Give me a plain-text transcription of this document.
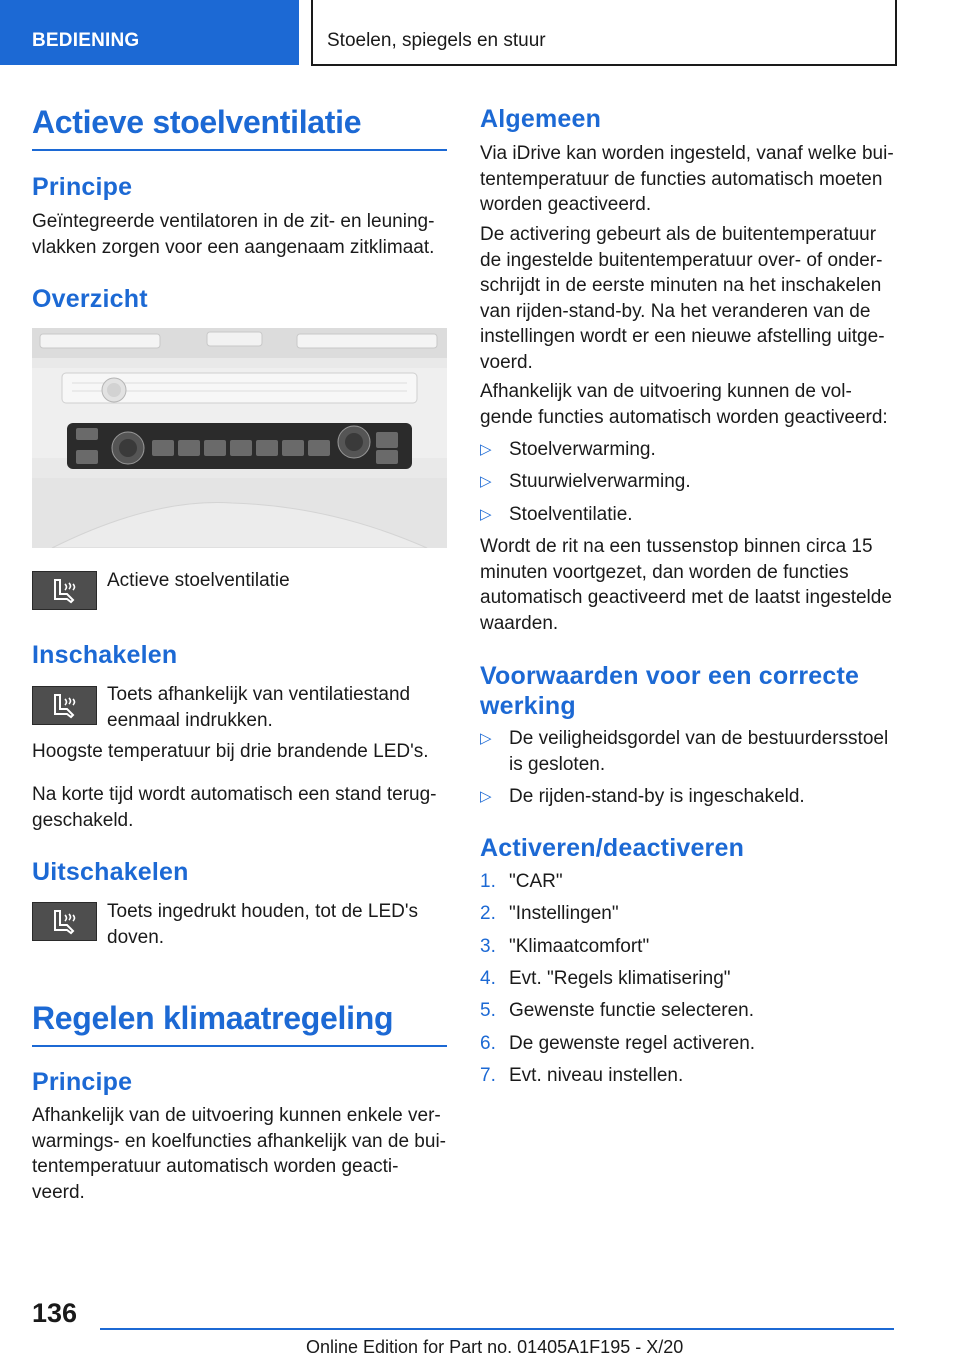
BEDIENING	Stoelen, spiegels en stuur
Actieve stoelventilatie
Principe
Geïntegreerde ventilatoren in de zit- en leuning-vlakken zorgen voor een aangenaam zitklimaat.
Overzicht
Actieve stoelventilatie
Inschakelen
Toets afhankelijk van ventilatiestand eenmaal indrukken.
Hoogste temperatuur bij drie brandende LED's.
Na korte tijd wordt automatisch een stand terug-geschakeld.
Uitschakelen
Toets ingedrukt houden, tot de LED's doven.
Regelen klimaatregeling
Principe
Afhankelijk van de uitvoering kunnen enkele ver-warmings- en koelfuncties afhankelijk van de bui-tentemperatuur automatisch worden geacti-veerd.
Algemeen
Via iDrive kan worden ingesteld, vanaf welke bui-tentemperatuur de functies automatisch moeten worden geactiveerd.
De activering gebeurt als de buitentemperatuur de ingestelde buitentemperatuur over- of onder-schrijdt in de eerste minuten na het inschakelen van rijden-stand-by. Na het veranderen van de instellingen wordt er een nieuwe afstelling uitge-voerd.
Afhankelijk van de uitvoering kunnen de vol-gende functies automatisch worden geactiveerd:
▷ Stoelverwarming.
▷ Stuurwielverwarming.
▷ Stoelventilatie.
Wordt de rit na een tussenstop binnen circa 15 minuten voortgezet, dan worden de functies automatisch geactiveerd met de laatst ingestelde waarden.
Voorwaarden voor een correcte werking
▷ De veiligheidsgordel van de bestuurdersstoel is gesloten.
▷ De rijden-stand-by is ingeschakeld.
Activeren/deactiveren
1. "CAR"
2. "Instellingen"
3. "Klimaatcomfort"
4. Evt. "Regels klimatisering"
5. Gewenste functie selecteren.
6. De gewenste regel activeren.
7. Evt. niveau instellen.
136
Online Edition for Part no. 01405A1F195 - X/20
